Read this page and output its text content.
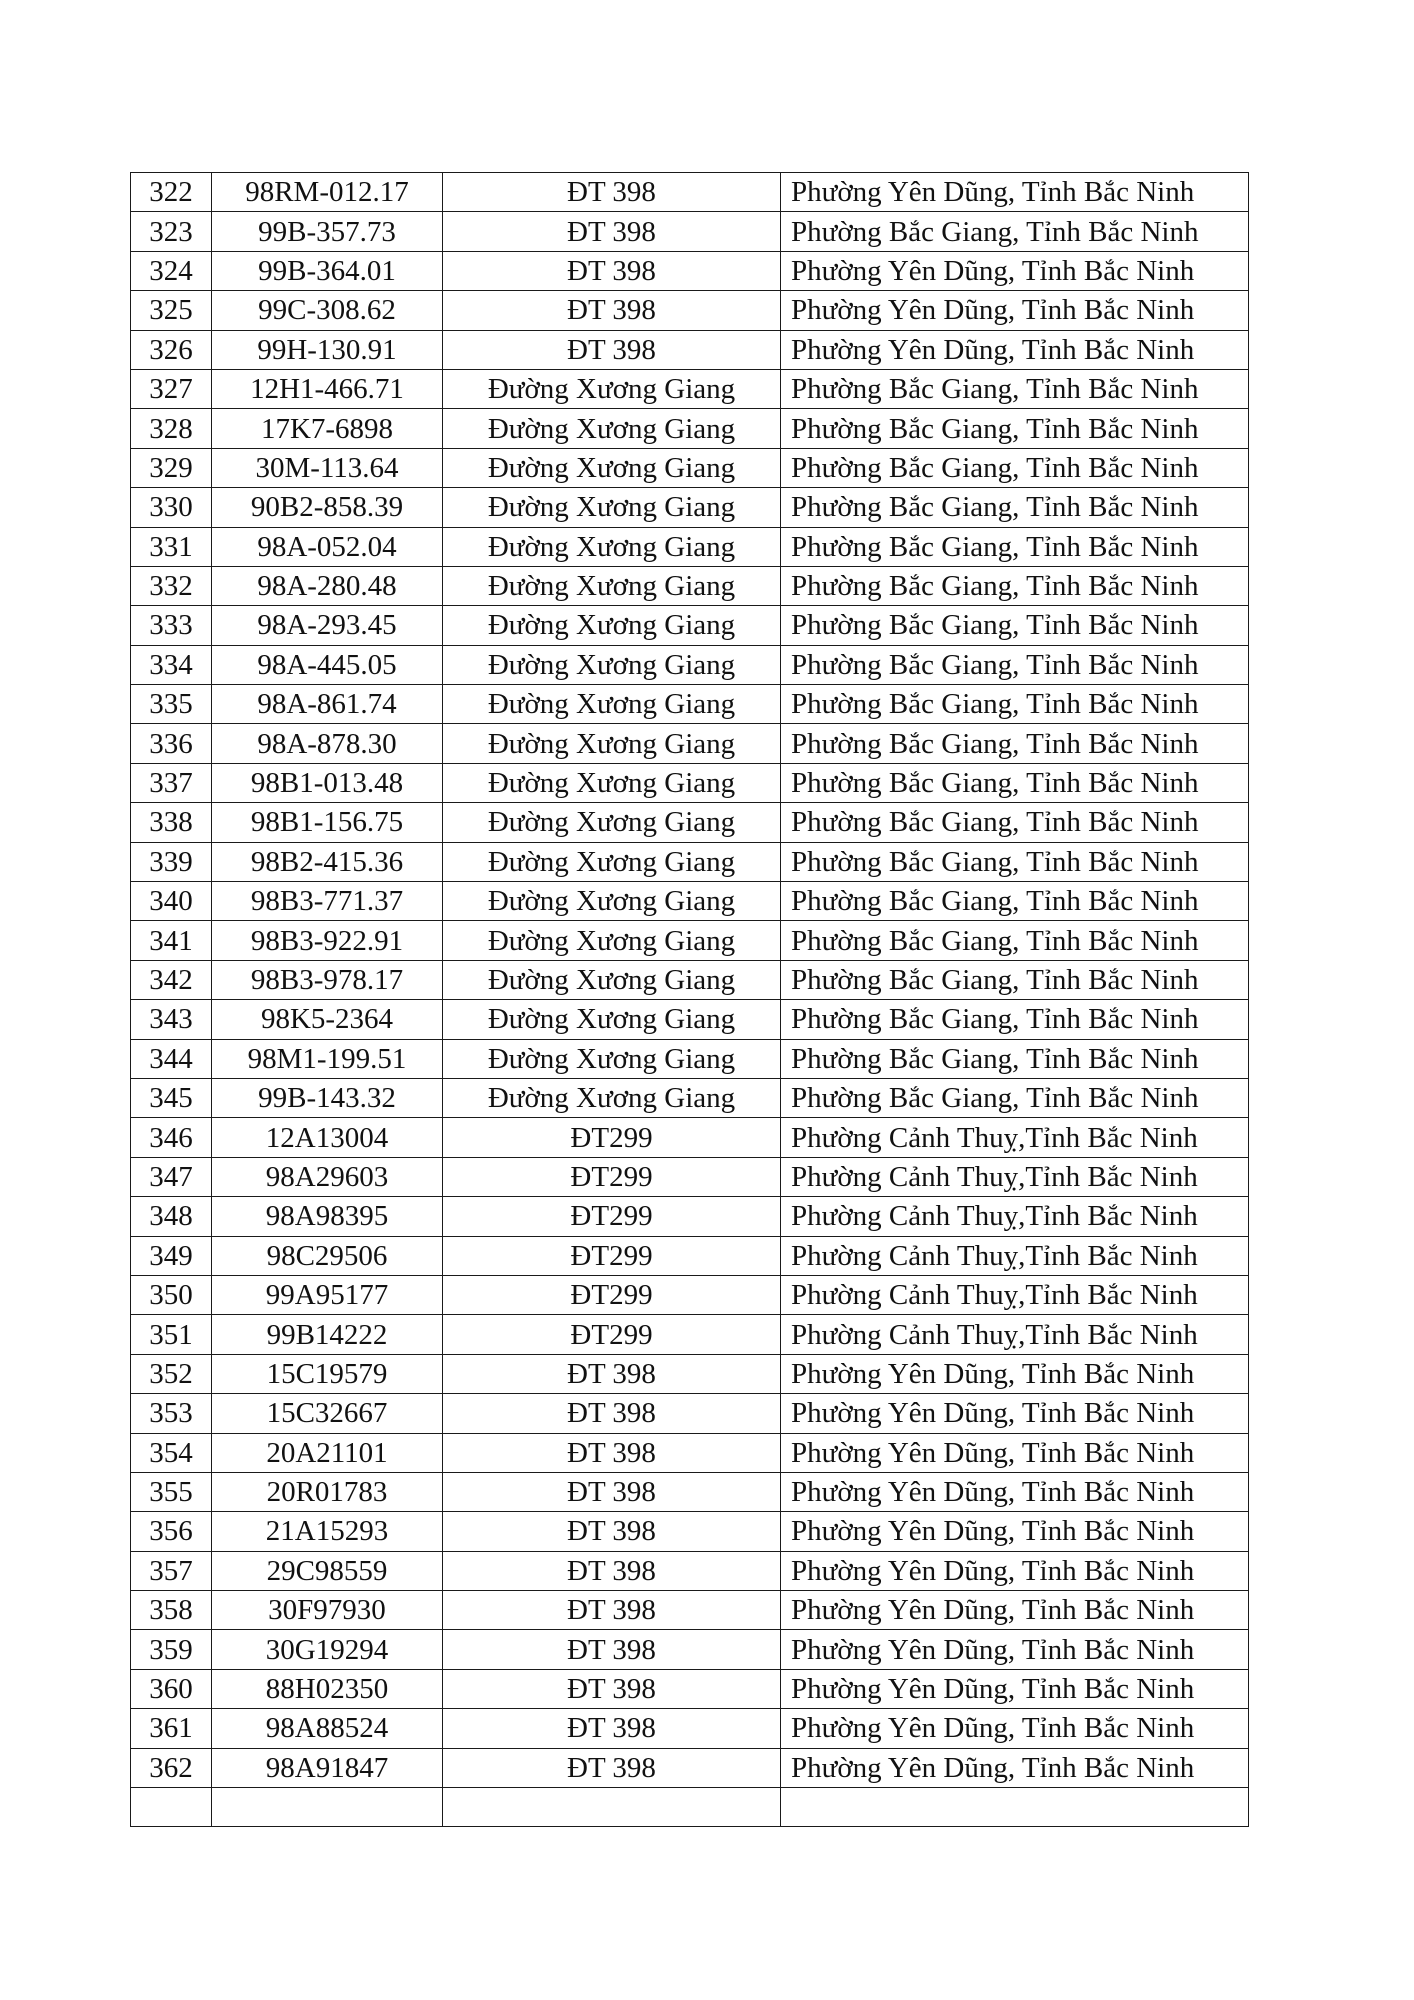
322	98RM-012.17	ĐT 398	Phường Yên Dũng, Tỉnh Bắc Ninh
323	99B-357.73	ĐT 398	Phường Bắc Giang, Tỉnh Bắc Ninh
324	99B-364.01	ĐT 398	Phường Yên Dũng, Tỉnh Bắc Ninh
325	99C-308.62	ĐT 398	Phường Yên Dũng, Tỉnh Bắc Ninh
326	99H-130.91	ĐT 398	Phường Yên Dũng, Tỉnh Bắc Ninh
327	12H1-466.71	Đường Xương Giang	Phường Bắc Giang, Tỉnh Bắc Ninh
328	17K7-6898	Đường Xương Giang	Phường Bắc Giang, Tỉnh Bắc Ninh
329	30M-113.64	Đường Xương Giang	Phường Bắc Giang, Tỉnh Bắc Ninh
330	90B2-858.39	Đường Xương Giang	Phường Bắc Giang, Tỉnh Bắc Ninh
331	98A-052.04	Đường Xương Giang	Phường Bắc Giang, Tỉnh Bắc Ninh
332	98A-280.48	Đường Xương Giang	Phường Bắc Giang, Tỉnh Bắc Ninh
333	98A-293.45	Đường Xương Giang	Phường Bắc Giang, Tỉnh Bắc Ninh
334	98A-445.05	Đường Xương Giang	Phường Bắc Giang, Tỉnh Bắc Ninh
335	98A-861.74	Đường Xương Giang	Phường Bắc Giang, Tỉnh Bắc Ninh
336	98A-878.30	Đường Xương Giang	Phường Bắc Giang, Tỉnh Bắc Ninh
337	98B1-013.48	Đường Xương Giang	Phường Bắc Giang, Tỉnh Bắc Ninh
338	98B1-156.75	Đường Xương Giang	Phường Bắc Giang, Tỉnh Bắc Ninh
339	98B2-415.36	Đường Xương Giang	Phường Bắc Giang, Tỉnh Bắc Ninh
340	98B3-771.37	Đường Xương Giang	Phường Bắc Giang, Tỉnh Bắc Ninh
341	98B3-922.91	Đường Xương Giang	Phường Bắc Giang, Tỉnh Bắc Ninh
342	98B3-978.17	Đường Xương Giang	Phường Bắc Giang, Tỉnh Bắc Ninh
343	98K5-2364	Đường Xương Giang	Phường Bắc Giang, Tỉnh Bắc Ninh
344	98M1-199.51	Đường Xương Giang	Phường Bắc Giang, Tỉnh Bắc Ninh
345	99B-143.32	Đường Xương Giang	Phường Bắc Giang, Tỉnh Bắc Ninh
346	12A13004	ĐT299	Phường Cảnh Thuỵ,Tỉnh Bắc Ninh
347	98A29603	ĐT299	Phường Cảnh Thuỵ,Tỉnh Bắc Ninh
348	98A98395	ĐT299	Phường Cảnh Thuỵ,Tỉnh Bắc Ninh
349	98C29506	ĐT299	Phường Cảnh Thuỵ,Tỉnh Bắc Ninh
350	99A95177	ĐT299	Phường Cảnh Thuỵ,Tỉnh Bắc Ninh
351	99B14222	ĐT299	Phường Cảnh Thuỵ,Tỉnh Bắc Ninh
352	15C19579	ĐT 398	Phường Yên Dũng, Tỉnh Bắc Ninh
353	15C32667	ĐT 398	Phường Yên Dũng, Tỉnh Bắc Ninh
354	20A21101	ĐT 398	Phường Yên Dũng, Tỉnh Bắc Ninh
355	20R01783	ĐT 398	Phường Yên Dũng, Tỉnh Bắc Ninh
356	21A15293	ĐT 398	Phường Yên Dũng, Tỉnh Bắc Ninh
357	29C98559	ĐT 398	Phường Yên Dũng, Tỉnh Bắc Ninh
358	30F97930	ĐT 398	Phường Yên Dũng, Tỉnh Bắc Ninh
359	30G19294	ĐT 398	Phường Yên Dũng, Tỉnh Bắc Ninh
360	88H02350	ĐT 398	Phường Yên Dũng, Tỉnh Bắc Ninh
361	98A88524	ĐT 398	Phường Yên Dũng, Tỉnh Bắc Ninh
362	98A91847	ĐT 398	Phường Yên Dũng, Tỉnh Bắc Ninh
